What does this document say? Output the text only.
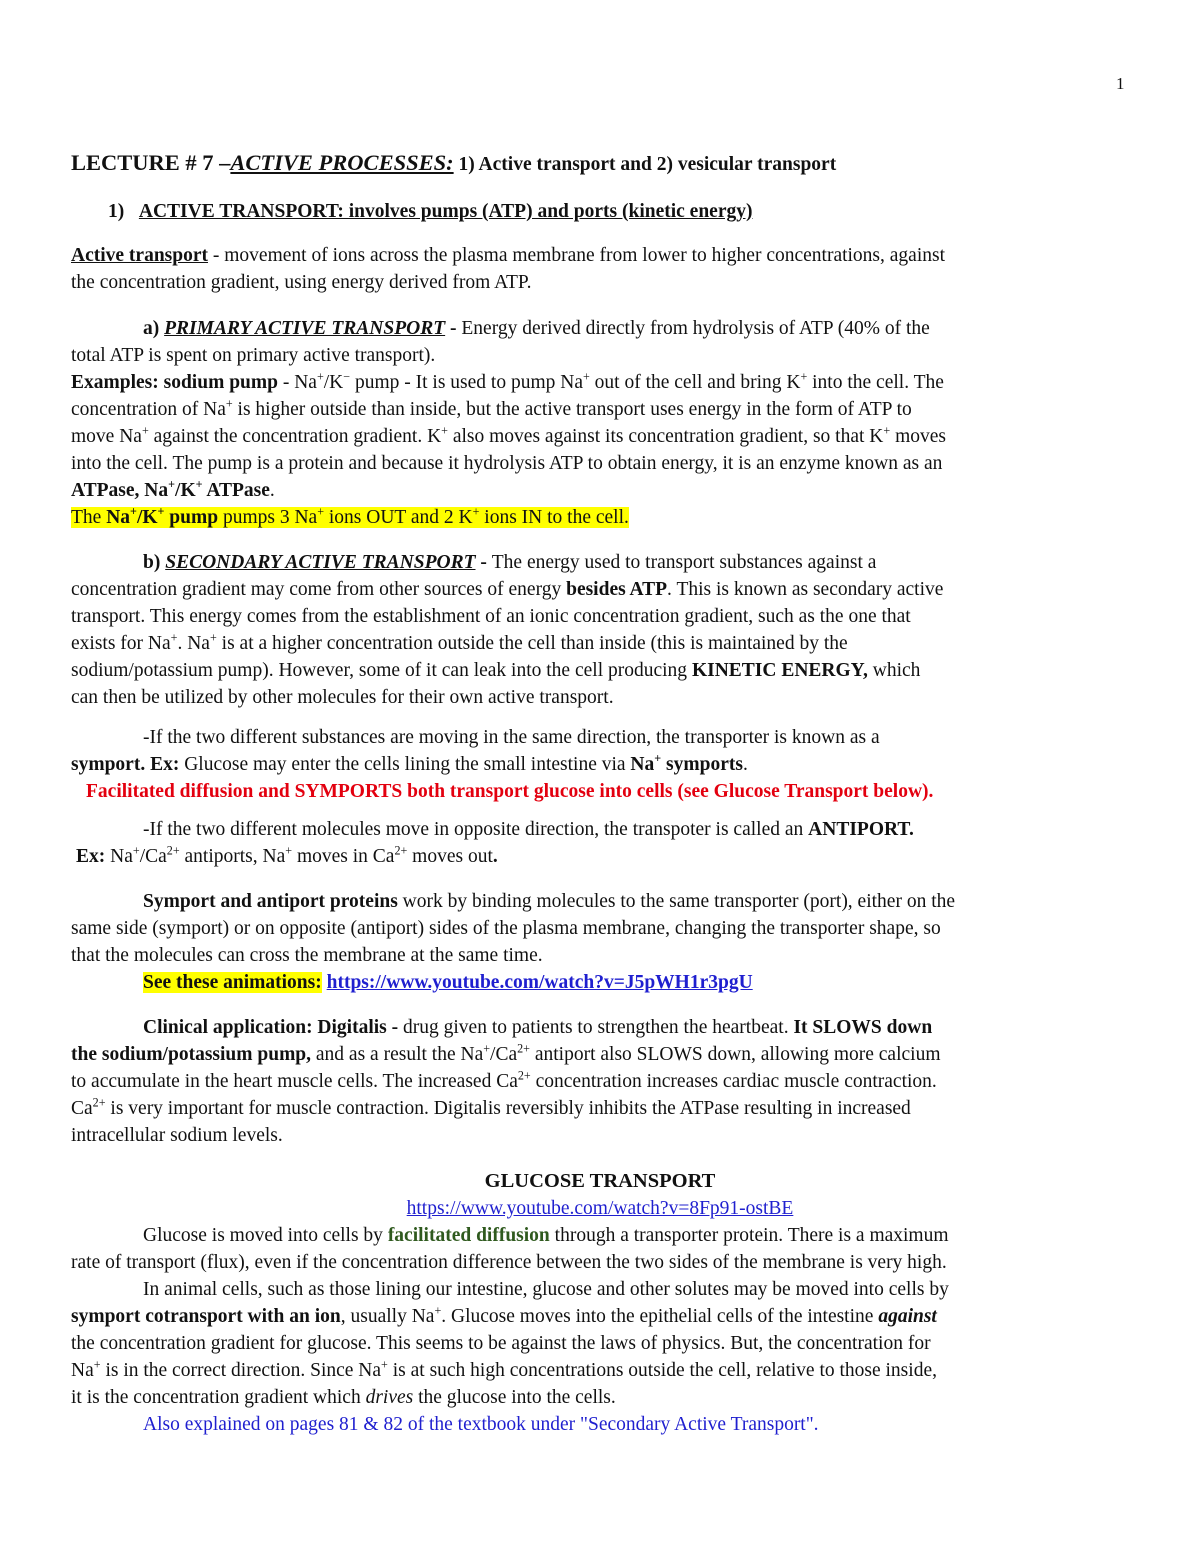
1
LECTURE # 7 –ACTIVE PROCESSES: 1) Active transport and 2) vesicular transport
1) ACTIVE TRANSPORT: involves pumps (ATP) and ports (kinetic energy)
Active transport - movement of ions across the plasma membrane from lower to higher concentrations, against
the concentration gradient, using energy derived from ATP.
a) PRIMARY ACTIVE TRANSPORT - Energy derived directly from hydrolysis of ATP (40% of the
total ATP is spent on primary active transport).
Examples: sodium pump - Na+/K− pump - It is used to pump Na+ out of the cell and bring K+ into the cell. The
concentration of Na+ is higher outside than inside, but the active transport uses energy in the form of ATP to
move Na+ against the concentration gradient. K+ also moves against its concentration gradient, so that K+ moves
into the cell. The pump is a protein and because it hydrolysis ATP to obtain energy, it is an enzyme known as an
ATPase, Na+/K+ ATPase.
The Na+/K+ pump pumps 3 Na+ ions OUT and 2 K+ ions IN to the cell.
b) SECONDARY ACTIVE TRANSPORT - The energy used to transport substances against a
concentration gradient may come from other sources of energy besides ATP. This is known as secondary active
transport. This energy comes from the establishment of an ionic concentration gradient, such as the one that
exists for Na+. Na+ is at a higher concentration outside the cell than inside (this is maintained by the
sodium/potassium pump). However, some of it can leak into the cell producing KINETIC ENERGY, which
can then be utilized by other molecules for their own active transport.
-If the two different substances are moving in the same direction, the transporter is known as a
symport. Ex: Glucose may enter the cells lining the small intestine via Na+ symports.
Facilitated diffusion and SYMPORTS both transport glucose into cells (see Glucose Transport below).
-If the two different molecules move in opposite direction, the transpoter is called an ANTIPORT.
Ex: $Na^+/Ca^{2+}$ antiports, Na+ moves in $Ca^{2+}$ moves out.
Symport and antiport proteins work by binding molecules to the same transporter (port), either on the
same side (symport) or on opposite (antiport) sides of the plasma membrane, changing the transporter shape, so
that the molecules can cross the membrane at the same time.
See these animations: https://www.youtube.com/watch?v=J5pWH1r3pgU
Clinical application: Digitalis - drug given to patients to strengthen the heartbeat. It SLOWS down
the sodium/potassium pump, and as a result the $Na^+/Ca^{2+}$ antiport also SLOWS down, allowing more calcium
to accumulate in the heart muscle cells. The increased $Ca^{2+}$ concentration increases cardiac muscle contraction.
$Ca^{2+}$ is very important for muscle contraction. Digitalis reversibly inhibits the ATPase resulting in increased
intracellular sodium levels.
GLUCOSE TRANSPORT
https://www.youtube.com/watch?v=8Fp91-ostBE
Glucose is moved into cells by facilitated diffusion through a transporter protein. There is a maximum
rate of transport (flux), even if the concentration difference between the two sides of the membrane is very high.
In animal cells, such as those lining our intestine, glucose and other solutes may be moved into cells by
symport cotransport with an ion, usually Na+. Glucose moves into the epithelial cells of the intestine against
the concentration gradient for glucose. This seems to be against the laws of physics. But, the concentration for
Na+ is in the correct direction. Since Na+ is at such high concentrations outside the cell, relative to those inside,
it is the concentration gradient which drives the glucose into the cells.
Also explained on pages 81 & 82 of the textbook under "Secondary Active Transport".
